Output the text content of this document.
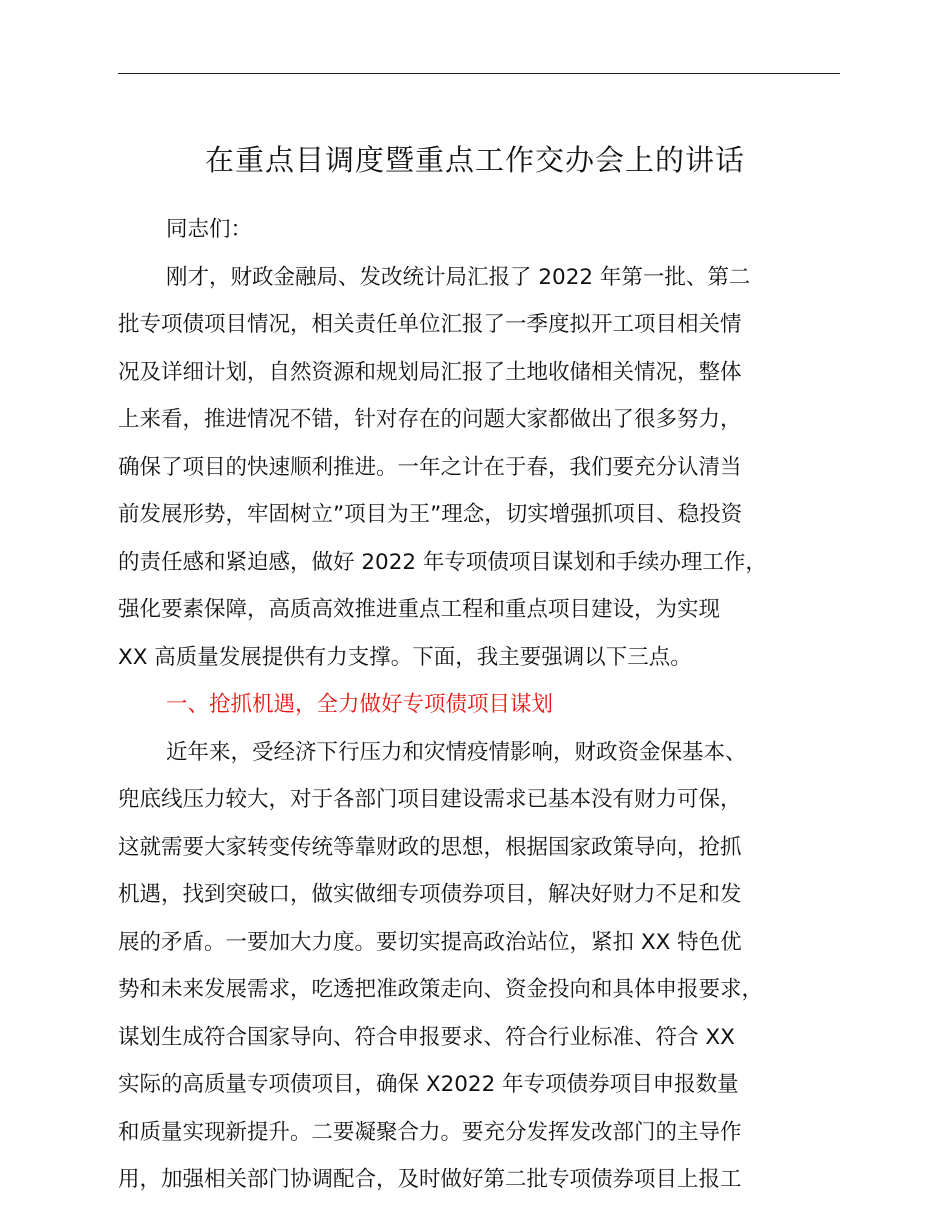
在重点目调度暨重点工作交办会上的讲话

同志们：

刚才，财政金融局、发改统计局汇报了 2022 年第一批、第二

批专项债项目情况，相关责任单位汇报了一季度拟开工项目相关情

况及详细计划，自然资源和规划局汇报了土地收储相关情况，整体

上来看，推进情况不错，针对存在的问题大家都做出了很多努力，

确保了项目的快速顺利推进。一年之计在于春，我们要充分认清当

前发展形势，牢固树立”项目为王”理念，切实增强抓项目、稳投资

的责任感和紧迫感，做好 2022 年专项债项目谋划和手续办理工作，

强化要素保障，高质高效推进重点工程和重点项目建设，为实现

XX 高质量发展提供有力支撑。下面，我主要强调以下三点。

一、抢抓机遇，全力做好专项债项目谋划

近年来，受经济下行压力和灾情疫情影响，财政资金保基本、

兜底线压力较大，对于各部门项目建设需求已基本没有财力可保，

这就需要大家转变传统等靠财政的思想，根据国家政策导向，抢抓

机遇，找到突破口，做实做细专项债券项目，解决好财力不足和发

展的矛盾。一要加大力度。要切实提高政治站位，紧扣 XX 特色优

势和未来发展需求，吃透把准政策走向、资金投向和具体申报要求，

谋划生成符合国家导向、符合申报要求、符合行业标准、符合 XX

实际的高质量专项债项目，确保 X2022 年专项债券项目申报数量

和质量实现新提升。二要凝聚合力。要充分发挥发改部门的主导作

用，加强相关部门协调配合，及时做好第二批专项债券项目上报工
